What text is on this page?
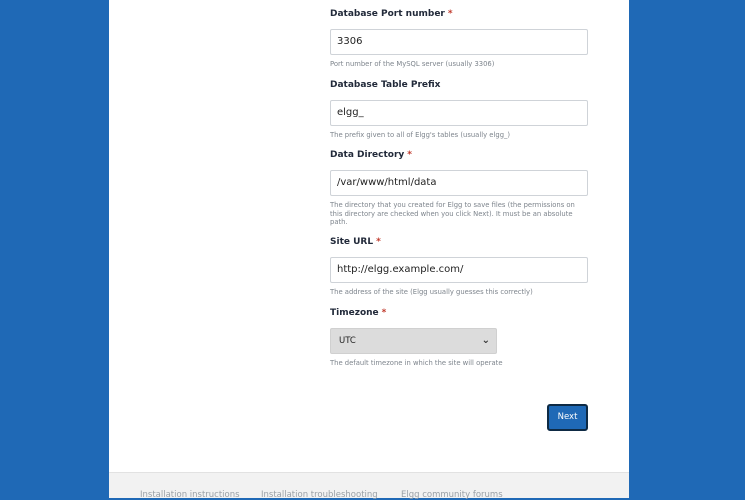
Database Port number *
3306
Port number of the MySQL server (usually 3306)
Database Table Prefix
elgg_
The prefix given to all of Elgg's tables (usually elgg_)
Data Directory *
/var/www/html/data
The directory that you created for Elgg to save files (the permissions on this directory are checked when you click Next). It must be an absolute path.
Site URL *
http://elgg.example.com/
The address of the site (Elgg usually guesses this correctly)
Timezone *
UTC	⌄
The default timezone in which the site will operate
Next
Installation instructions	Installation troubleshooting	Elgg community forums
